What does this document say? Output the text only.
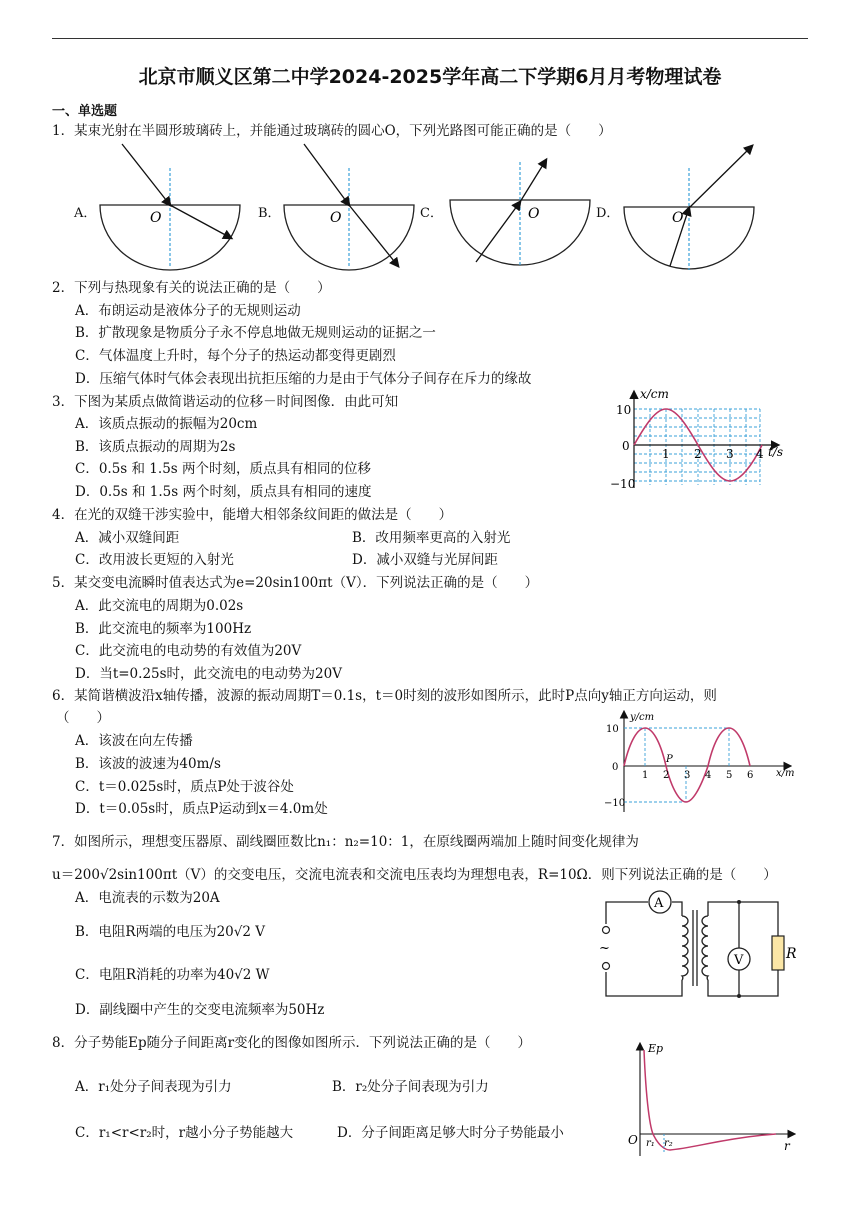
北京市顺义区第二中学2024-2025学年高二下学期6月月考物理试卷
一、单选题
1．某束光射在半圆形玻璃砖上，并能通过玻璃砖的圆心O，下列光路图可能正确的是（　　）
A．	B．	C．	D．
O	O	O	O
2．下列与热现象有关的说法正确的是（　　）
A．布朗运动是液体分子的无规则运动
B．扩散现象是物质分子永不停息地做无规则运动的证据之一
C．气体温度上升时，每个分子的热运动都变得更剧烈
D．压缩气体时气体会表现出抗拒压缩的力是由于气体分子间存在斥力的缘故
3．下图为某质点做简谐运动的位移－时间图像．由此可知
A．该质点振动的振幅为20cm
B．该质点振动的周期为2s
C．0.5s 和 1.5s 两个时刻，质点具有相同的位移
D．0.5s 和 1.5s 两个时刻，质点具有相同的速度
x/cm
t/s
10
0
−10
1 2 3 4
4．在光的双缝干涉实验中，能增大相邻条纹间距的做法是（　　）
A．减小双缝间距	B．改用频率更高的入射光
C．改用波长更短的入射光	D．减小双缝与光屏间距
5．某交变电流瞬时值表达式为e=20sin100πt（V）．下列说法正确的是（　　）
A．此交流电的周期为0.02s
B．此交流电的频率为100Hz
C．此交流电的电动势的有效值为20V
D．当t=0.25s时，此交流电的电动势为20V
6．某简谐横波沿x轴传播，波源的振动周期T＝0.1s，t＝0时刻的波形如图所示，此时P点向y轴正方向运动，则
（　　）
A．该波在向左传播
B．该波的波速为40m/s
C．t＝0.025s时，质点P处于波谷处
D．t＝0.05s时，质点P运动到x＝4.0m处
y/cm
x/m
10
0
−10
1 2 3 4 5 6
P
7．如图所示，理想变压器原、副线圈匝数比n₁：n₂=10：1，在原线圈两端加上随时间变化规律为
u＝200√2sin100πt（V）的交变电压，交流电流表和交流电压表均为理想电表，R=10Ω．则下列说法正确的是（　　）
A．电流表的示数为20A
B．电阻R两端的电压为20√2 V
C．电阻R消耗的功率为40√2 W
D．副线圈中产生的交变电流频率为50Hz
~
A
V	R
8．分子势能Ep随分子间距离r变化的图像如图所示．下列说法正确的是（　　）
A．r₁处分子间表现为引力	B．r₂处分子间表现为引力
C．r₁<r<r₂时，r越小分子势能越大	D．分子间距离足够大时分子势能最小
Ep
r
O r₁ r₂
